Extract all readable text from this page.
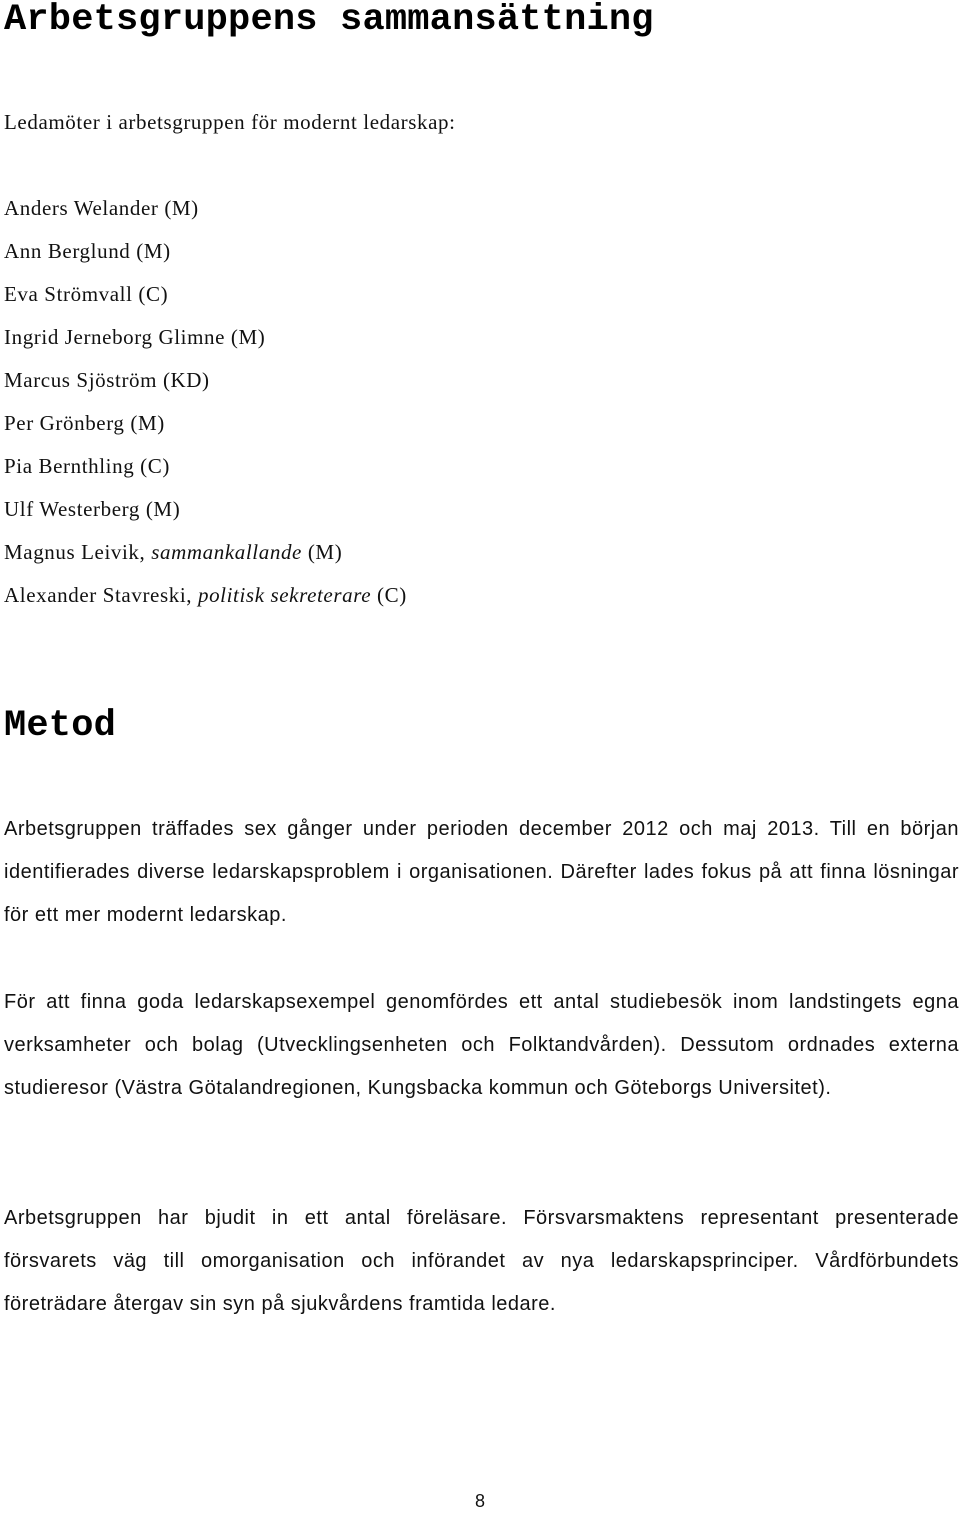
Arbetsgruppens sammansättning

Ledamöter i arbetsgruppen för modernt ledarskap:

Anders Welander (M)
Ann Berglund (M)
Eva Strömvall (C)
Ingrid Jerneborg Glimne (M)
Marcus Sjöström (KD)
Per Grönberg (M)
Pia Bernthling (C)
Ulf Westerberg (M)
Magnus Leivik, sammankallande (M)
Alexander Stavreski, politisk sekreterare (C)
Metod

Arbetsgruppen träffades sex gånger under perioden december 2012 och maj 2013. Till en början identifierades diverse ledarskapsproblem i organisationen. Därefter lades fokus på att finna lösningar för ett mer modernt ledarskap.

För att finna goda ledarskapsexempel genomfördes ett antal studiebesök inom landstingets egna verksamheter och bolag (Utvecklingsenheten och Folktandvården). Dessutom ordnades externa studieresor (Västra Götalandregionen, Kungsbacka kommun och Göteborgs Universitet).

Arbetsgruppen har bjudit in ett antal föreläsare. Försvarsmaktens representant presenterade försvarets väg till omorganisation och införandet av nya ledarskapsprinciper. Vårdförbundets företrädare återgav sin syn på sjukvårdens framtida ledare.

8
